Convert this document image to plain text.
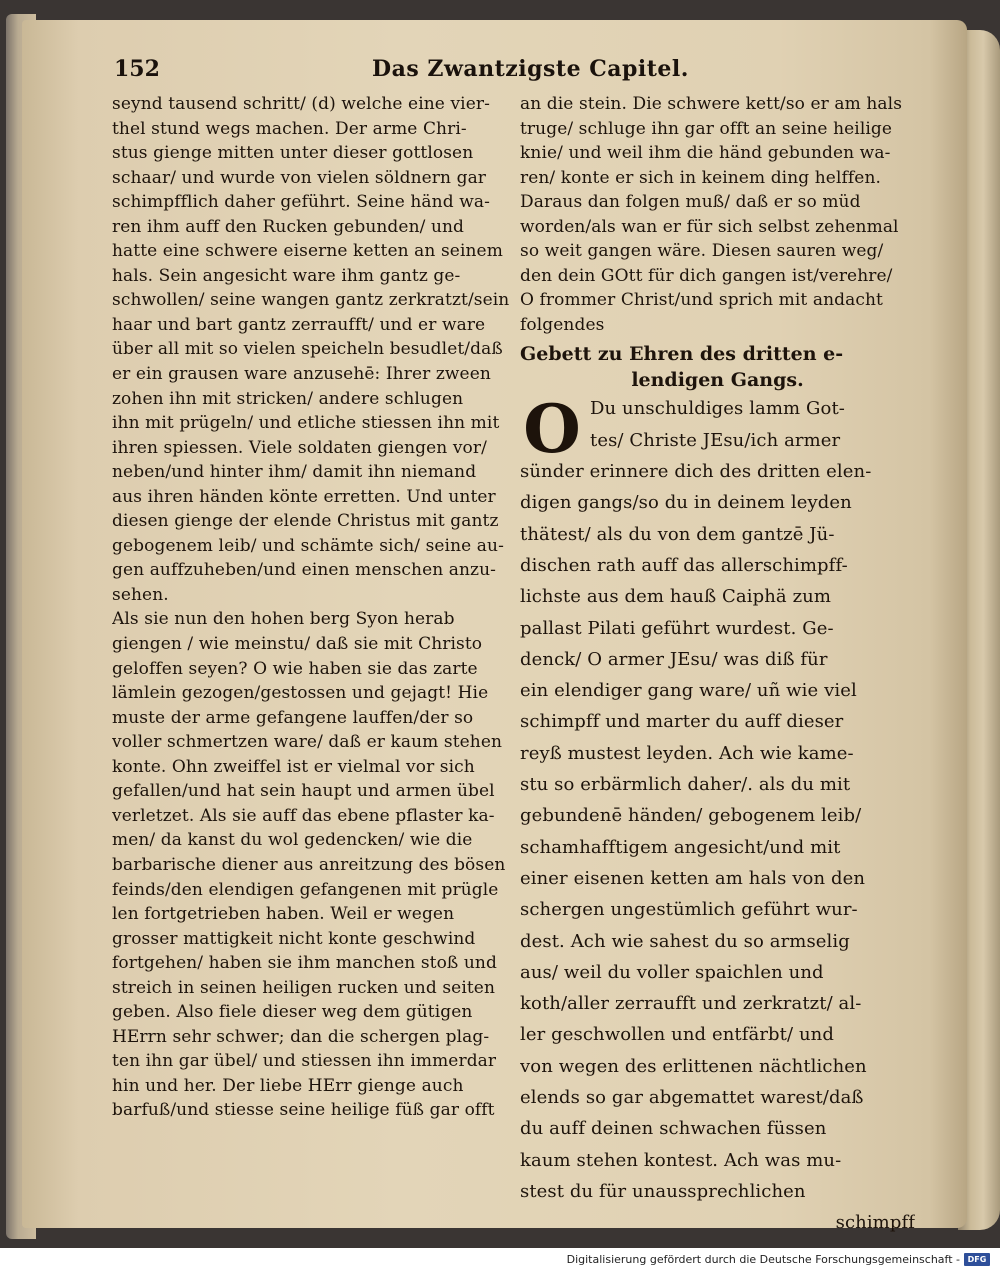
152	Das Zwantzigste Capitel.
seynd tausend schritt/ (d) welche eine vier-
thel stund wegs machen. Der arme Chri-
stus gienge mitten unter dieser gottlosen
schaar/ und wurde von vielen söldnern gar
schimpfflich daher geführt. Seine händ wa-
ren ihm auff den Rucken gebunden/ und
hatte eine schwere eiserne ketten an seinem
hals. Sein angesicht ware ihm gantz ge-
schwollen/ seine wangen gantz zerkratzt/sein
haar und bart gantz zerraufft/ und er ware
über all mit so vielen speicheln besudlet/daß
er ein grausen ware anzusehē: Ihrer zween
zohen ihn mit stricken/ andere schlugen
ihn mit prügeln/ und etliche stiessen ihn mit
ihren spiessen. Viele soldaten giengen vor/
neben/und hinter ihm/ damit ihn niemand
aus ihren händen könte erretten. Und unter
diesen gienge der elende Christus mit gantz
gebogenem leib/ und schämte sich/ seine au-
gen auffzuheben/und einen menschen anzu-
sehen.
Als sie nun den hohen berg Syon herab
giengen / wie meinstu/ daß sie mit Christo
geloffen seyen? O wie haben sie das zarte
lämlein gezogen/gestossen und gejagt! Hie
muste der arme gefangene lauffen/der so
voller schmertzen ware/ daß er kaum stehen
konte. Ohn zweiffel ist er vielmal vor sich
gefallen/und hat sein haupt und armen übel
verletzet. Als sie auff das ebene pflaster ka-
men/ da kanst du wol gedencken/ wie die
barbarische diener aus anreitzung des bösen
feinds/den elendigen gefangenen mit prügle
len fortgetrieben haben. Weil er wegen
grosser mattigkeit nicht konte geschwind
fortgehen/ haben sie ihm manchen stoß und
streich in seinen heiligen rucken und seiten
geben. Also fiele dieser weg dem gütigen
HErrn sehr schwer; dan die schergen plag-
ten ihn gar übel/ und stiessen ihn immerdar
hin und her. Der liebe HErr gienge auch
barfuß/und stiesse seine heilige füß gar offt
an die stein. Die schwere kett/so er am hals
truge/ schluge ihn gar offt an seine heilige
knie/ und weil ihm die händ gebunden wa-
ren/ konte er sich in keinem ding helffen.
Daraus dan folgen muß/ daß er so müd
worden/als wan er für sich selbst zehenmal
so weit gangen wäre. Diesen sauren weg/
den dein GOtt für dich gangen ist/verehre/
O frommer Christ/und sprich mit andacht
folgendes
Gebett zu Ehren des dritten e-
lendigen Gangs.
O Du unschuldiges lamm Got-
tes/ Christe JEsu/ich armer
sünder erinnere dich des dritten elen-
digen gangs/so du in deinem leyden
thätest/ als du von dem gantzē Jü-
dischen rath auff das allerschimpff-
lichste aus dem hauß Caiphä zum
pallast Pilati geführt wurdest. Ge-
denck/ O armer JEsu/ was diß für
ein elendiger gang ware/ uñ wie viel
schimpff und marter du auff dieser
reyß mustest leyden. Ach wie kame-
stu so erbärmlich daher/. als du mit
gebundenē händen/ gebogenem leib/
schamhafftigem angesicht/und mit
einer eisenen ketten am hals von den
schergen ungestümlich geführt wur-
dest. Ach wie sahest du so armselig
aus/ weil du voller spaichlen und
koth/aller zerraufft und zerkratzt/ al-
ler geschwollen und entfärbt/ und
von wegen des erlittenen nächtlichen
elends so gar abgemattet warest/daß
du auff deinen schwachen füssen
kaum stehen kontest. Ach was mu-
stest du für unaussprechlichen
schimpff
Digitalisierung gefördert durch die Deutsche Forschungsgemeinschaft - DFG
